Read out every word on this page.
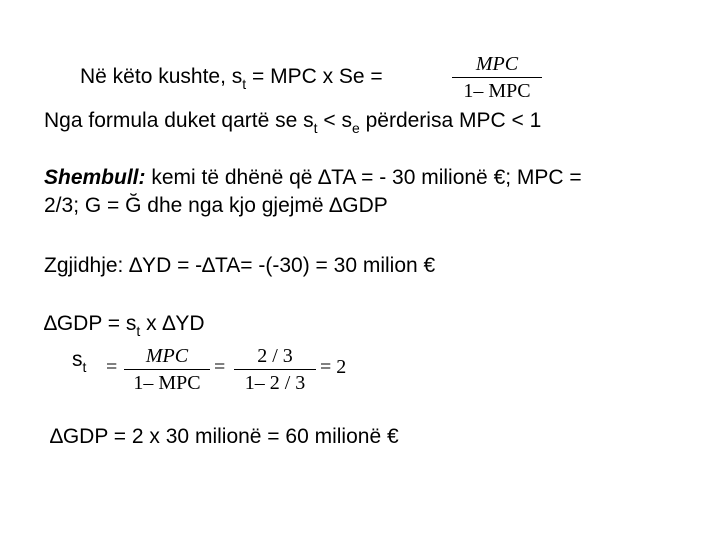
Në këto kushte, $s_t$ = MPC x Se =
MPC
1– MPC
Nga formula duket qartë se $s_t < s_e$ përderisa MPC < 1
Shembull: kemi të dhënë që ∆TA = - 30 milionë €; MPC =
2/3; G = Ğ dhe nga kjo gjejmë ∆GDP
Zgjidhje: ∆YD = -∆TA= -(-30) = 30 milion €
$\Delta GDP = s_t$ x ∆YD
$s_t$ =	MPC
1– MPC
=	2 / 3
1– 2 / 3
= 2
∆GDP = 2 x 30 milionë = 60 milionë €
